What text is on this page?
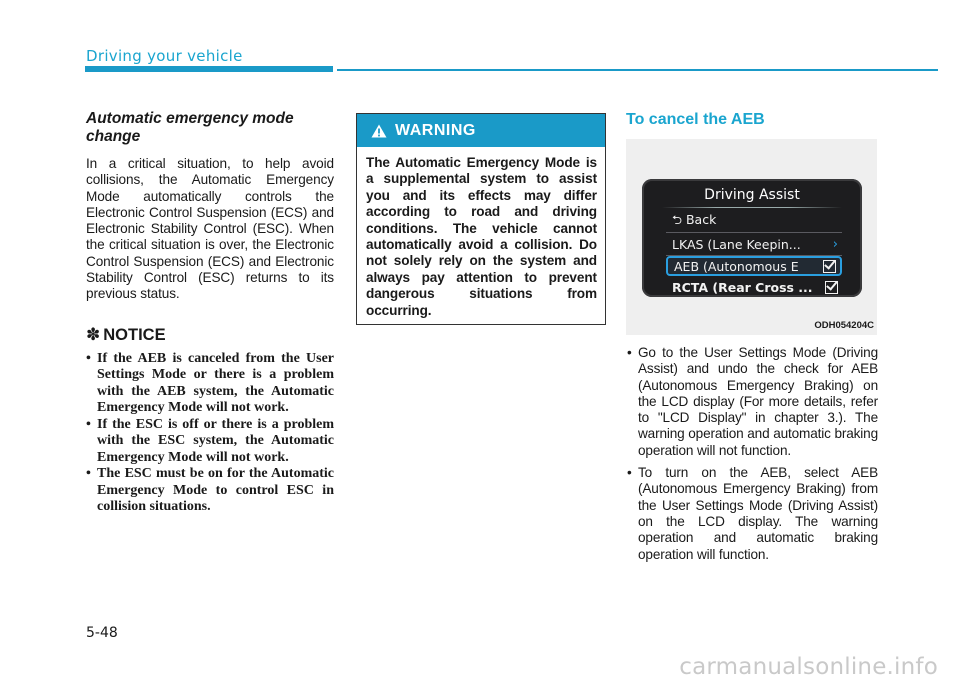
Driving your vehicle
Automatic emergency mode change

In a critical situation, to help avoid collisions, the Automatic Emergency Mode automatically controls the Electronic Control Suspension (ECS) and Electronic Stability Control (ESC). When the critical situation is over, the Electronic Control Suspension (ECS) and Electronic Stability Control (ESC) returns to its previous status.

✽ NOTICE
• If the AEB is canceled from the User Settings Mode or there is a problem with the AEB system, the Automatic Emergency Mode will not work.
• If the ESC is off or there is a problem with the ESC system, the Automatic Emergency Mode will not work.
• The ESC must be on for the Automatic Emergency Mode to control ESC in collision situations.
WARNING
The Automatic Emergency Mode is a supplemental system to assist you and its effects may differ according to road and driving conditions. The vehicle cannot automatically avoid a collision. Do not solely rely on the system and always pay attention to prevent dangerous situations from occurring.
To cancel the AEB
Driving Assist
⮌ Back
LKAS (Lane Keepin...	›
AEB (Autonomous E
RCTA (Rear Cross ...
ODH054204C
• Go to the User Settings Mode (Driving Assist) and undo the check for AEB (Autonomous Emergency Braking) on the LCD display (For more details, refer to "LCD Display" in chapter 3.). The warning operation and automatic braking operation will not function.
• To turn on the AEB, select AEB (Autonomous Emergency Braking) from the User Settings Mode (Driving Assist) on the LCD display. The warning operation and automatic braking operation will function.
5-48
carmanualsonline.info
